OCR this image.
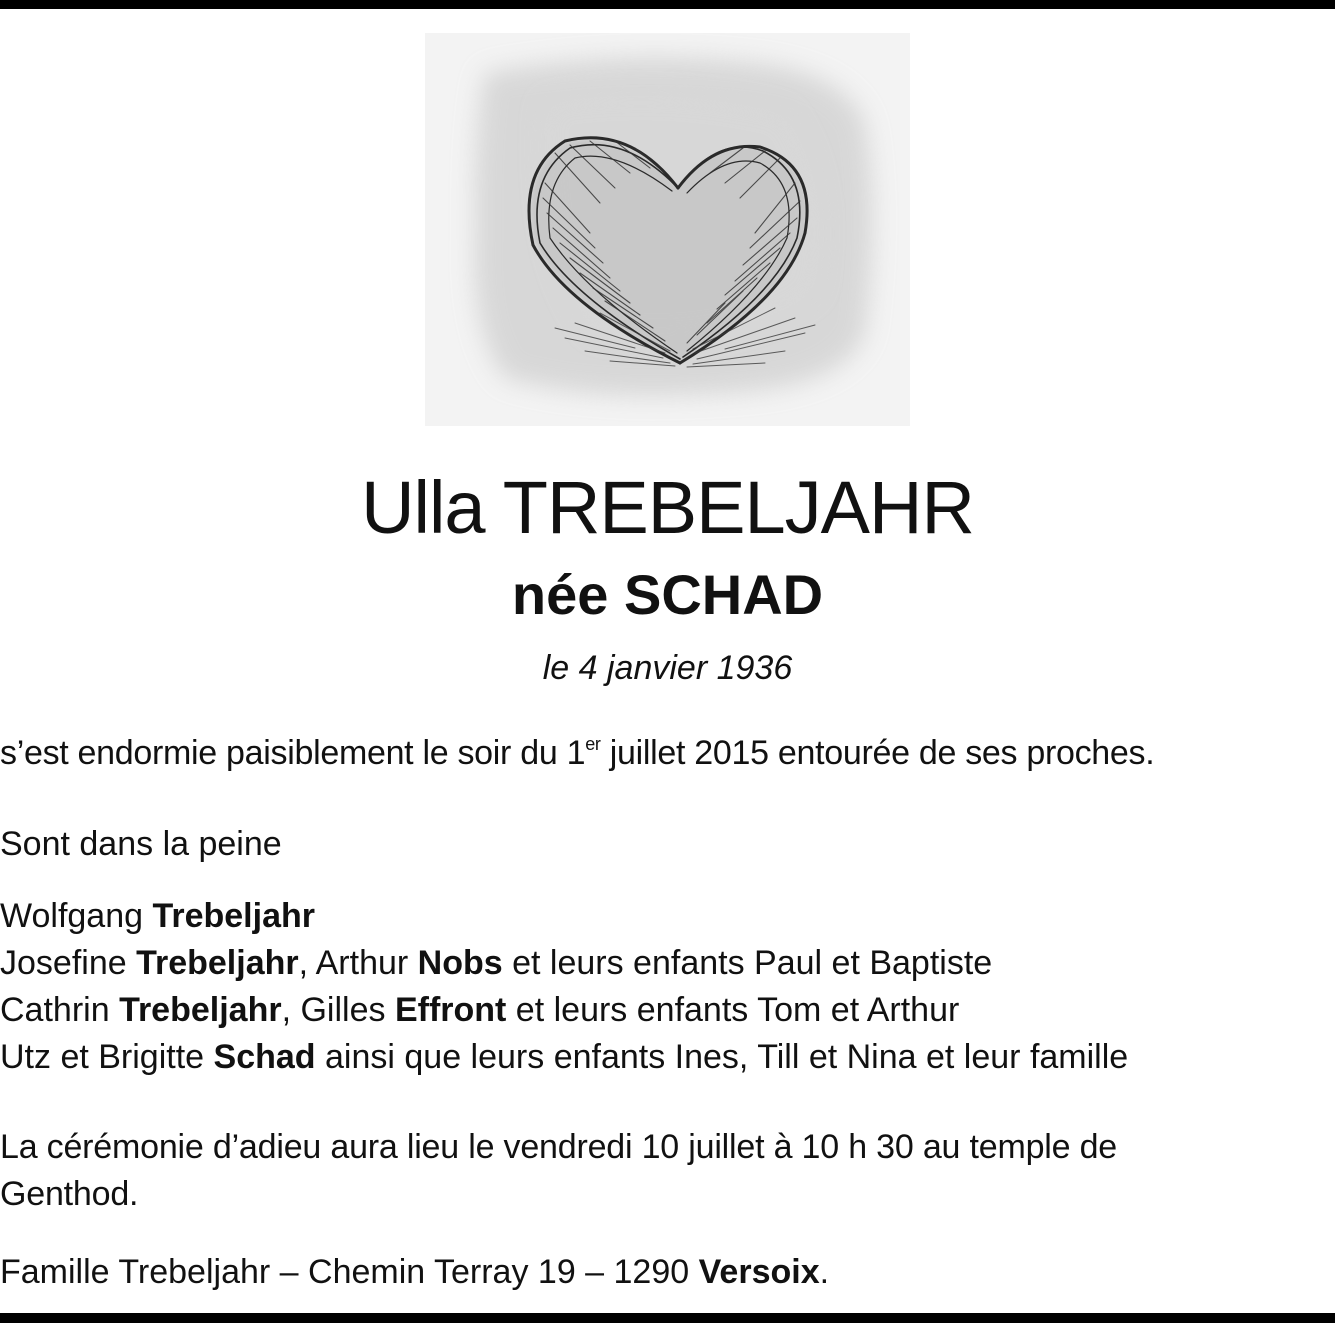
Ulla TREBELJAHR
née SCHAD
le 4 janvier 1936
s’est endormie paisiblement le soir du 1er juillet 2015 entourée de ses proches.
Sont dans la peine
Wolfgang Trebeljahr
Josefine Trebeljahr, Arthur Nobs et leurs enfants Paul et Baptiste
Cathrin Trebeljahr, Gilles Effront et leurs enfants Tom et Arthur
Utz et Brigitte Schad ainsi que leurs enfants Ines, Till et Nina et leur famille
La cérémonie d’adieu aura lieu le vendredi 10 juillet à 10 h 30 au temple de
Genthod.
Famille Trebeljahr – Chemin Terray 19 – 1290 Versoix.
